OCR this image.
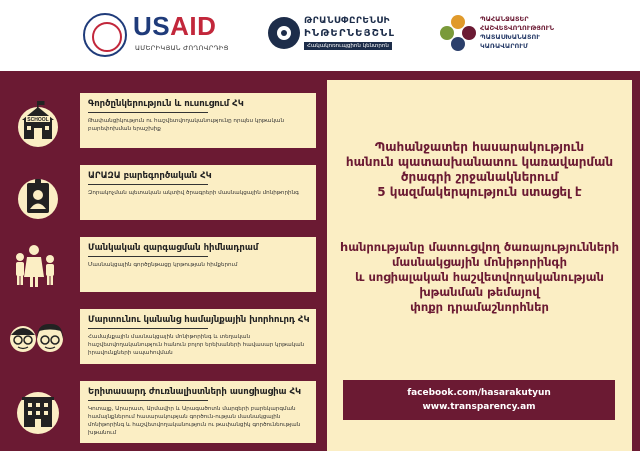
USAID
ԱՄԵՐԻԿՅԱՆ ԺՈՂՈՎՐԴԻՑ
ԹՐԱՆՍՓԸՐԵՆՍԻ
ԻՆԹԵՐՆԵՅՇՆԼ
Հակակոռուպցիոն կենտրոն
ՊԱՀԱՆՋԱՏԵՐ
ՀԱՇՎԵՏՎՈՂՈՒԹՅՈՒՆ
ՊԱՏԱՍԽԱՆԱՏՈՒ
ԿԱՌԱՎԱՐՈՒՄ
SCHOOL
Գործընկերություն և ուսուցում ՀԿ
Թափանցիկություն ու հաշվետվողականությունը որպես կրթական բարեփոխման երաշխիք
ԱՐԱԶԱ բարեգործական ՀԿ
Զորակոչման պետական ակտիվ ծրագրերի մասնակցային մոնիթորինգ
Մանկական զարգացման հիմնադրամ
Մասնակցային գործընթացը կրթության հիմքերում
Մարտունու կանանց համայնքային խորհուրդ ՀԿ
Համայնքային մասնակցային մոնիթորինգ և տեղական հաշվետվողականություն հանուն բոլոր երեխաների հավասար կրթական իրավունքների ապահովման
Երիտասարդ ժուռնալիստների ասոցիացիա ՀԿ
Կոտայք, Արարատ, Արմավիր և Արագածոտն մարզերի բարեկարգման համայնքներում հասարակության գործուն-ության մասնակցային մոնիթորինգ և հաշվետվողականություն ու թափանցիկ գործունեության խթանում
Պահանջատեր հասարակություն
հանուն պատասխանատու կառավարման
ծրագրի շրջանակներում
5 կազմակերպություն ստացել է
hանրությանը մատուցվող ծառայությունների
մասնակցային մոնիթորինգի
և սոցիալական հաշվետվողականության
խթանման թեմայով
փոքր դրամաշնորհներ
facebook.com/hasarakutyun
www.transparency.am
